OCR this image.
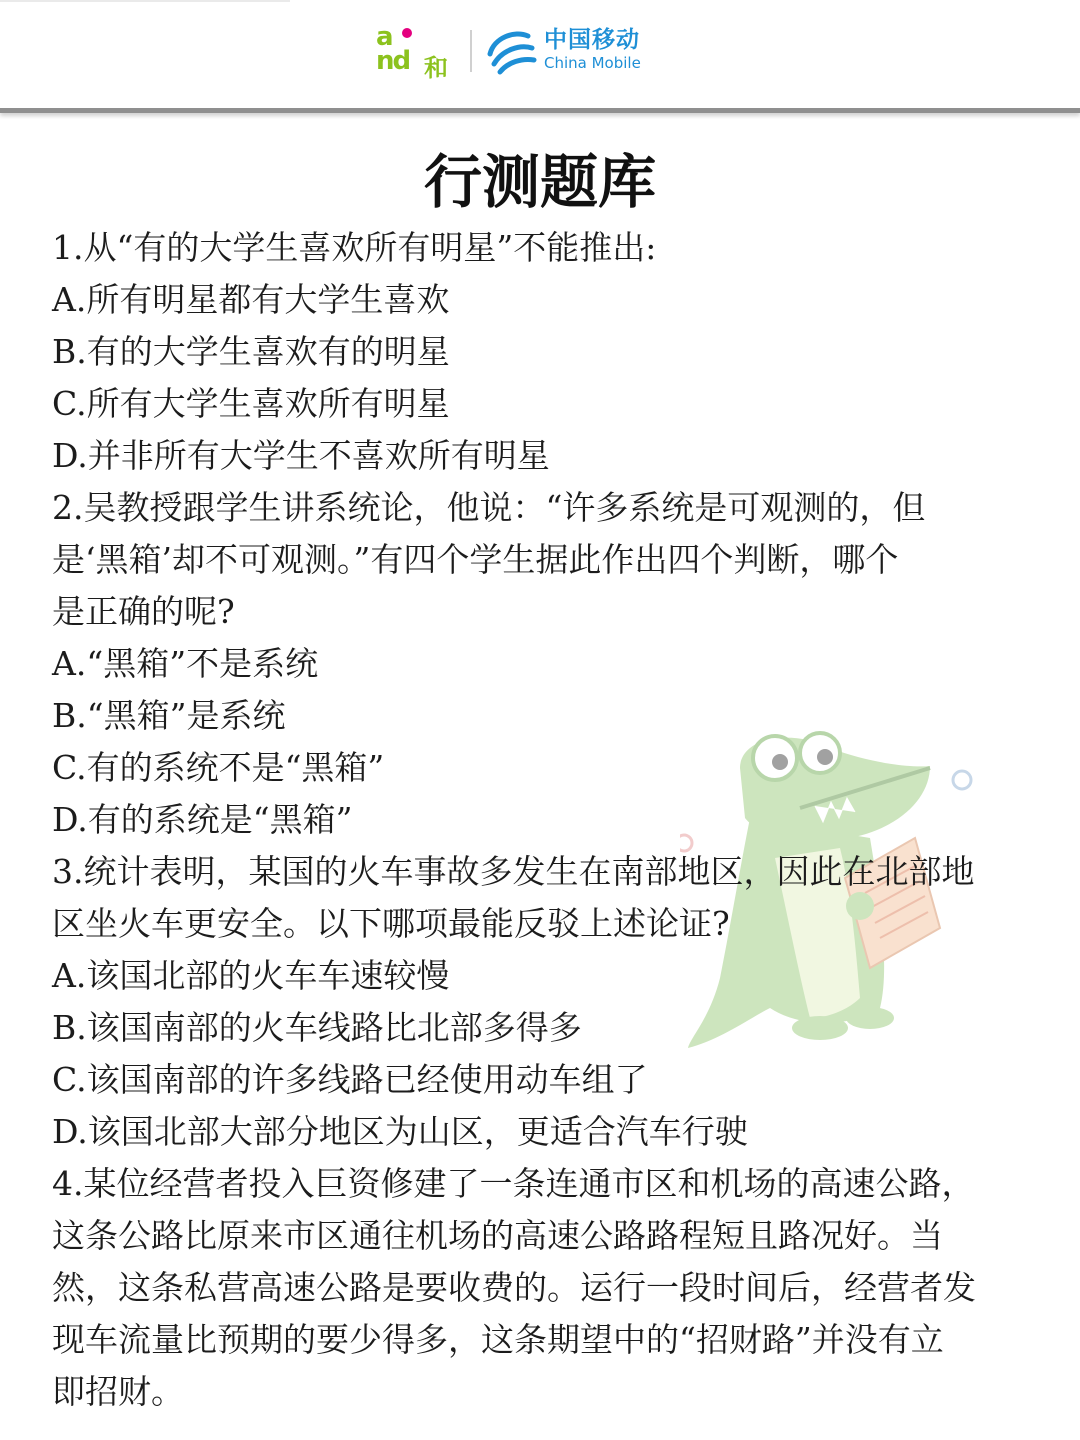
a
nd 和
中国移动
China Mobile
行测题库
1.从“有的大学生喜欢所有明星”不能推出:
A.所有明星都有大学生喜欢
B.有的大学生喜欢有的明星
C.所有大学生喜欢所有明星
D.并非所有大学生不喜欢所有明星
2.吴教授跟学生讲系统论，他说：“许多系统是可观测的，但
是‘黑箱’却不可观测。”有四个学生据此作出四个判断，哪个
是正确的呢?
A.“黑箱”不是系统
B.“黑箱”是系统
C.有的系统不是“黑箱”
D.有的系统是“黑箱”
3.统计表明，某国的火车事故多发生在南部地区，因此在北部地
区坐火车更安全。以下哪项最能反驳上述论证?
A.该国北部的火车车速较慢
B.该国南部的火车线路比北部多得多
C.该国南部的许多线路已经使用动车组了
D.该国北部大部分地区为山区，更适合汽车行驶
4.某位经营者投入巨资修建了一条连通市区和机场的高速公路，
这条公路比原来市区通往机场的高速公路路程短且路况好。当
然，这条私营高速公路是要收费的。运行一段时间后，经营者发
现车流量比预期的要少得多，这条期望中的“招财路”并没有立
即招财。
